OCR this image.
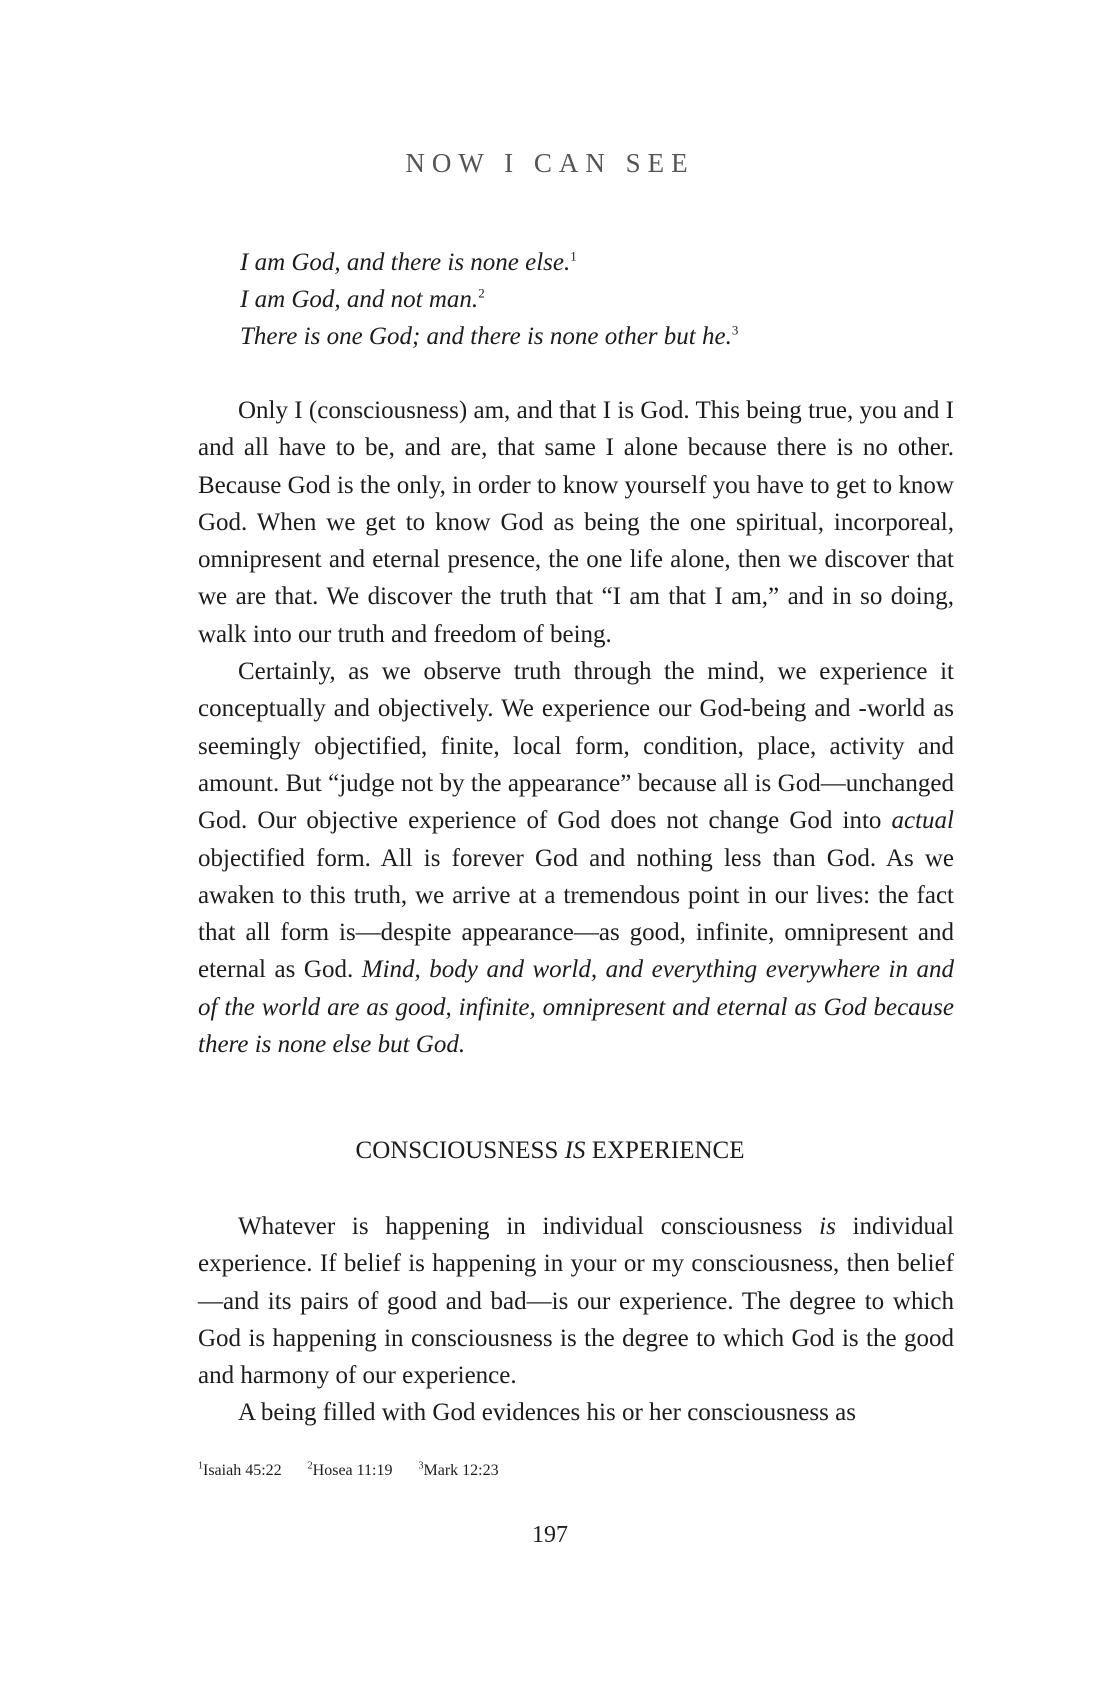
NOW I CAN SEE
I am God, and there is none else.$^1$
I am God, and not man.$^2$
There is one God; and there is none other but he.$^3$

Only I (consciousness) am, and that I is God. This being true, you and I and all have to be, and are, that same I alone because there is no other. Because God is the only, in order to know yourself you have to get to know God. When we get to know God as being the one spiritual, incorporeal, omnipresent and eternal presence, the one life alone, then we discover that we are that. We discover the truth that “I am that I am,” and in so doing, walk into our truth and freedom of being.

Certainly, as we observe truth through the mind, we experience it conceptually and objectively. We experience our God-being and -world as seemingly objectified, finite, local form, condition, place, activity and amount. But “judge not by the appearance” because all is God—unchanged God. Our objective experience of God does not change God into actual objectified form. All is forever God and nothing less than God. As we awaken to this truth, we arrive at a tremendous point in our lives: the fact that all form is—despite appearance—as good, infinite, omnipresent and eternal as God. Mind, body and world, and everything everywhere in and of the world are as good, infinite, omnipresent and eternal as God because there is none else but God.

CONSCIOUSNESS IS EXPERIENCE

Whatever is happening in individual consciousness is individual experience. If belief is happening in your or my consciousness, then belief—and its pairs of good and bad—is our experience. The degree to which God is happening in consciousness is the degree to which God is the good and harmony of our experience.

A being filled with God evidences his or her consciousness as

$^1$Isaiah 45:22	$^2$Hosea 11:19	$^3$Mark 12:23
197
